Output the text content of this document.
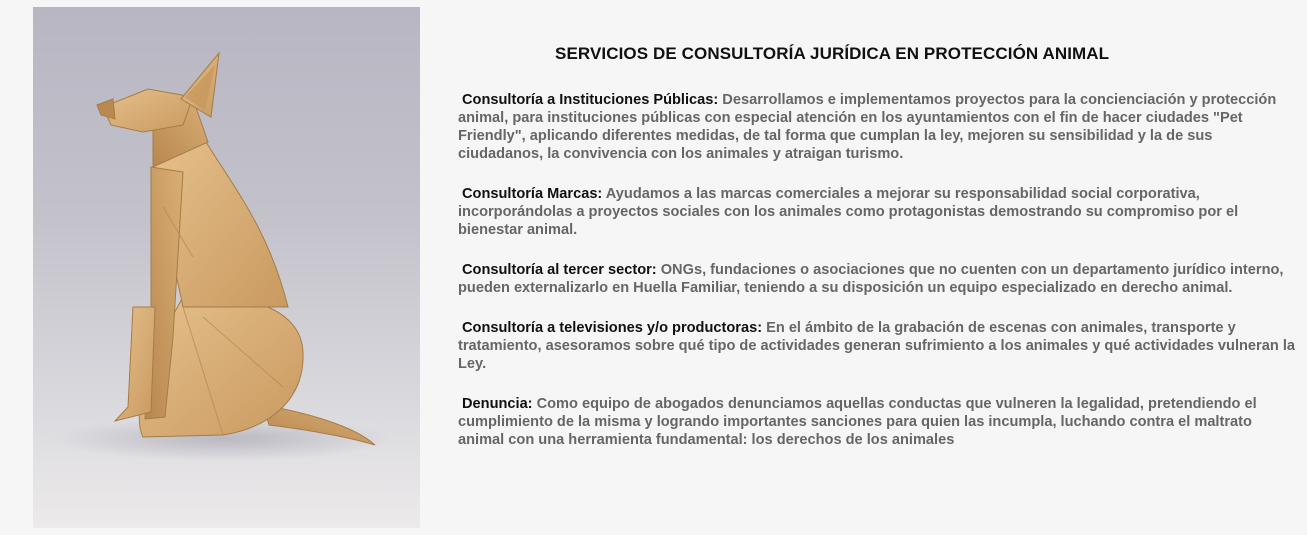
SERVICIOS DE CONSULTORÍA JURÍDICA EN PROTECCIÓN ANIMAL

Consultoría a Instituciones Públicas: Desarrollamos e implementamos proyectos para la concienciación y protección animal, para instituciones públicas con especial atención en los ayuntamientos con el fin de hacer ciudades "Pet Friendly", aplicando diferentes medidas, de tal forma que cumplan la ley, mejoren su sensibilidad y la de sus ciudadanos, la convivencia con los animales y atraigan turismo.

Consultoría Marcas: Ayudamos a las marcas comerciales a mejorar su responsabilidad social corporativa, incorporándolas a proyectos sociales con los animales como protagonistas demostrando su compromiso por el bienestar animal.

Consultoría al tercer sector: ONGs, fundaciones o asociaciones que no cuenten con un departamento jurídico interno, pueden externalizarlo en Huella Familiar, teniendo a su disposición un equipo especializado en derecho animal.

Consultoría a televisiones y/o productoras: En el ámbito de la grabación de escenas con animales, transporte y tratamiento, asesoramos sobre qué tipo de actividades generan sufrimiento a los animales y qué actividades vulneran la Ley.

Denuncia: Como equipo de abogados denunciamos aquellas conductas que vulneren la legalidad, pretendiendo el cumplimiento de la misma y logrando importantes sanciones para quien las incumpla, luchando contra el maltrato animal con una herramienta fundamental: los derechos de los animales
